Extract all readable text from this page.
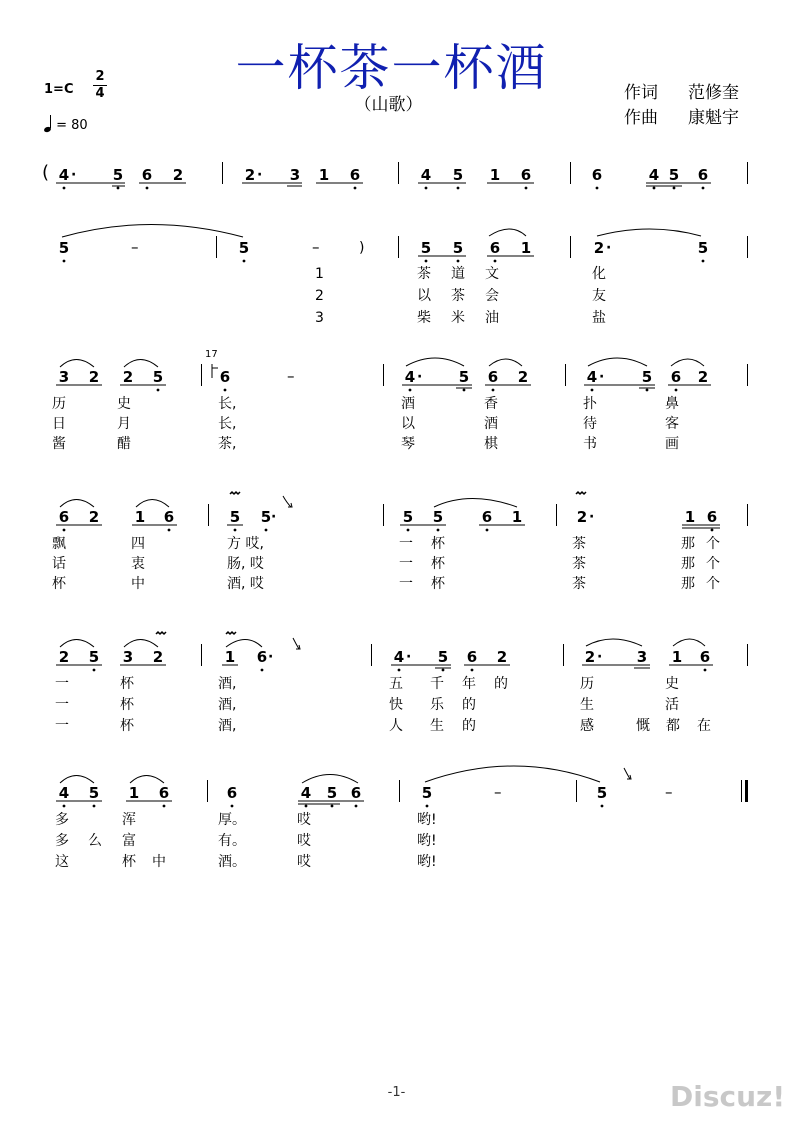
一杯茶一杯酒
（山歌）
1=C
2
4
= 80
作词 范修奎
作曲 康魁宇
( 4 · 5 6 2	2 · 3 1 6	4 5 1 6	6	4 5 6
5	–	5	–	)	5 5 6 1	2 ·	5
3 2 2 5	6	–	4 · 5 6 2	4 · 5 6 2
6 2 1 6	5 5 ·	5 5	6 1	2 ·	1 6
2 5 3 2	1 6 ·	4 · 5 6 2	2 · 3 1 6
4 5 1 6	6	4 5 6	5	–	5	–
17
1
2
3
茶 道 文	化
以 茶 会	友
柴 米 油	盐
历	史	长,	酒	香	扑	鼻
日	月	长,	以	酒	待	客
酱	醋	茶,	琴	棋	书	画
飘	四	方 哎,	一 杯	茶	那 个
话	衷	肠, 哎	一 杯	茶	那 个
杯	中	酒, 哎	一 杯	茶	那 个
一	杯	酒,	五 千 年 的	历	史
一	杯	酒,	快 乐 的	生	活
一	杯	酒,	人 生 的	感	慨 都 在
多	浑	厚。	哎	哟!
多 么 富	有。	哎	哟!
这	杯 中	酒。	哎	哟!
-1-	Discuz!
